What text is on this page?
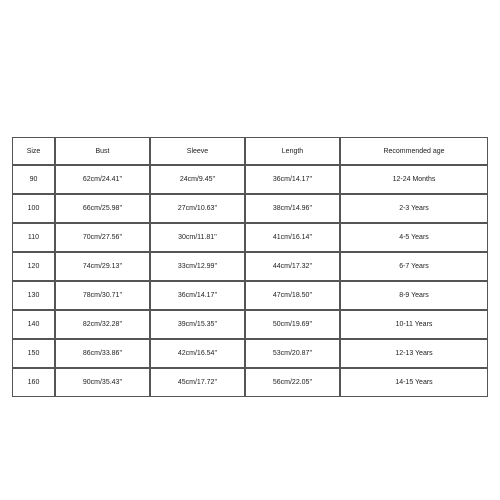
Size	Bust	Sleeve	Length	Recommended age
90	62cm/24.41''	24cm/9.45''	36cm/14.17''	12-24 Months
100	66cm/25.98''	27cm/10.63''	38cm/14.96''	2-3 Years
110	70cm/27.56''	30cm/11.81''	41cm/16.14''	4-5 Years
120	74cm/29.13''	33cm/12.99''	44cm/17.32''	6-7 Years
130	78cm/30.71''	36cm/14.17''	47cm/18.50''	8-9 Years
140	82cm/32.28''	39cm/15.35''	50cm/19.69''	10-11 Years
150	86cm/33.86''	42cm/16.54''	53cm/20.87''	12-13 Years
160	90cm/35.43''	45cm/17.72''	56cm/22.05''	14-15 Years
